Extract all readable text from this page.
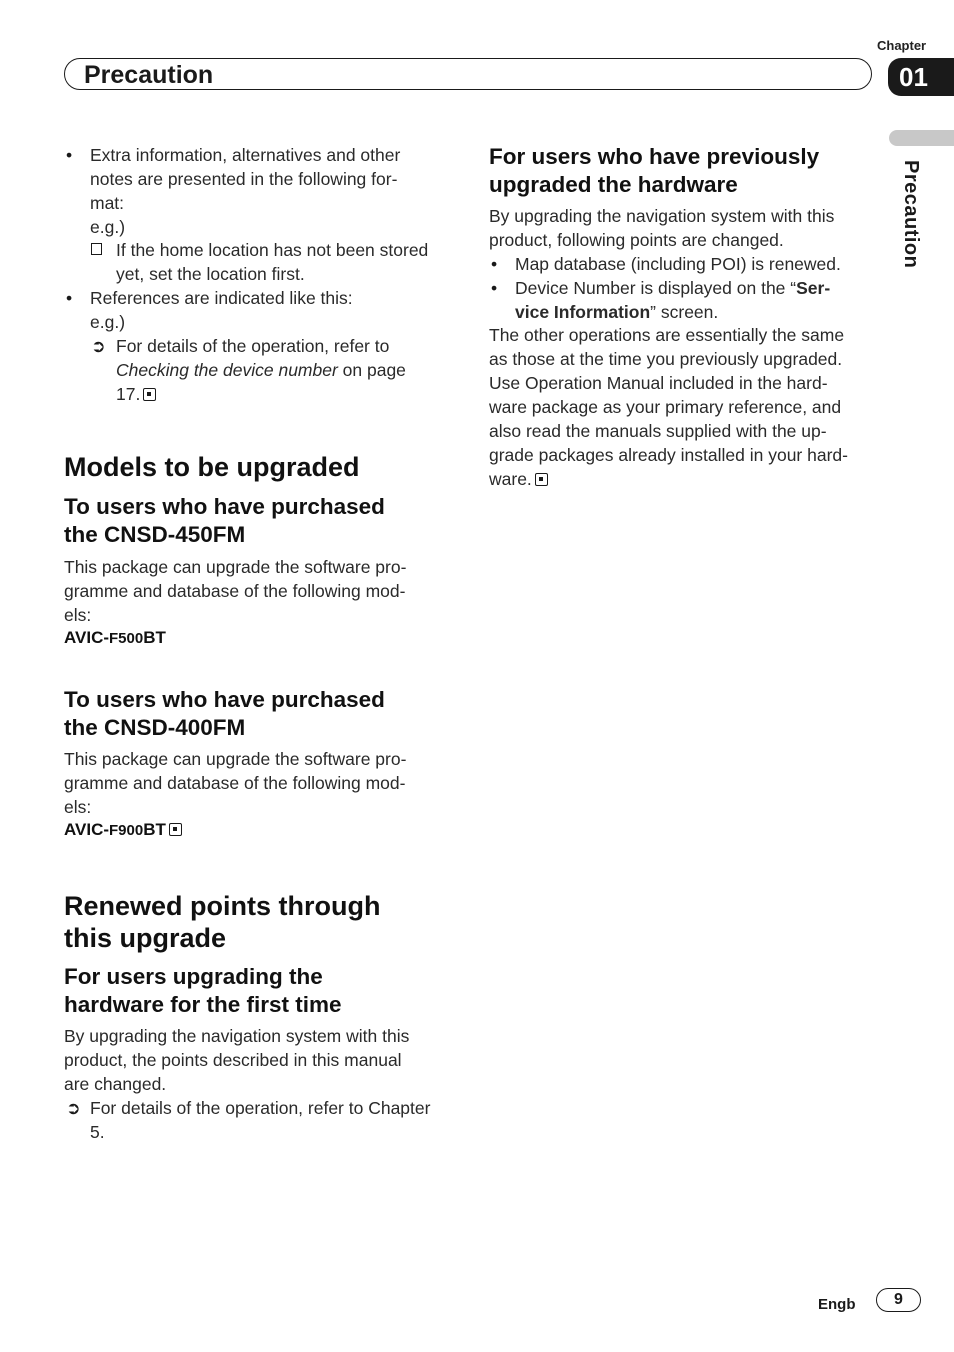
Chapter
Precaution	01
Precaution
• Extra information, alternatives and other
notes are presented in the following for-
mat:
e.g.)
If the home location has not been stored
yet, set the location first.
• References are indicated like this:
e.g.)
➲ For details of the operation, refer to
Checking the device number on page
17.
Models to be upgraded
To users who have purchased
the CNSD-450FM
This package can upgrade the software pro-
gramme and database of the following mod-
els:
AVIC-F500BT
To users who have purchased
the CNSD-400FM
This package can upgrade the software pro-
gramme and database of the following mod-
els:
AVIC-F900BT
Renewed points through
this upgrade
For users upgrading the
hardware for the first time
By upgrading the navigation system with this
product, the points described in this manual
are changed.
➲ For details of the operation, refer to Chapter
5.
For users who have previously
upgraded the hardware
By upgrading the navigation system with this
product, following points are changed.
• Map database (including POI) is renewed.
• Device Number is displayed on the “Ser-
vice Information” screen.
The other operations are essentially the same
as those at the time you previously upgraded.
Use Operation Manual included in the hard-
ware package as your primary reference, and
also read the manuals supplied with the up-
grade packages already installed in your hard-
ware.
Engb	9
